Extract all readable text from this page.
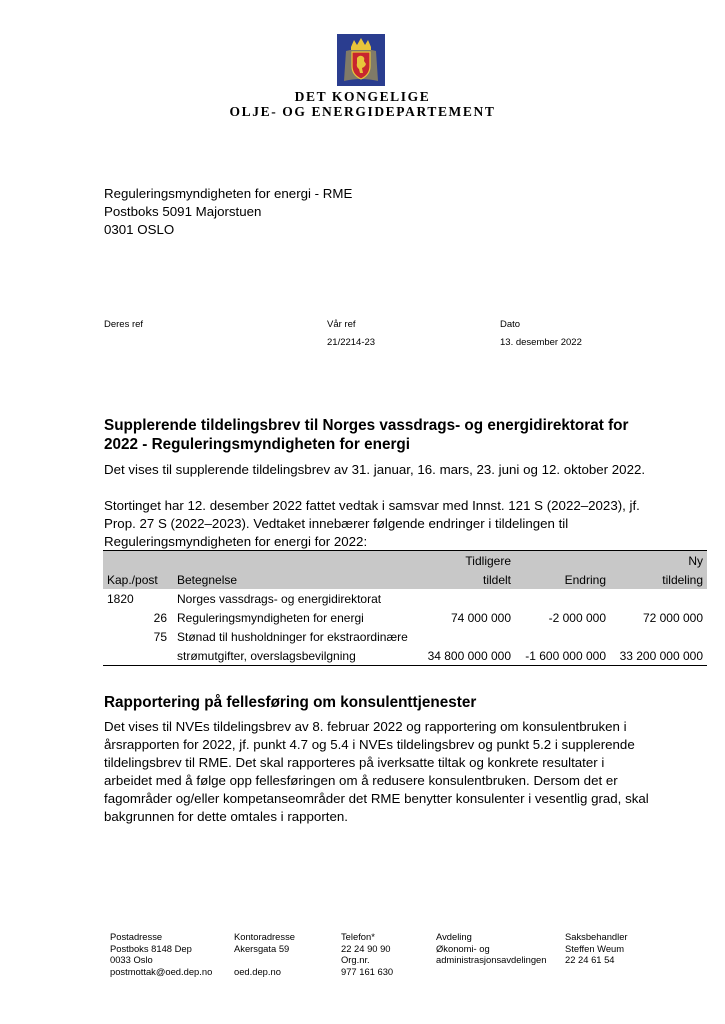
DET KONGELIGE
OLJE- OG ENERGIDEPARTEMENT
Reguleringsmyndigheten for energi - RME
Postboks 5091 Majorstuen
0301 OSLO
Deres ref	Vår ref
21/2214-23
Dato
13. desember 2022
Supplerende tildelingsbrev til Norges vassdrags- og energidirektorat for 2022 - Reguleringsmyndigheten for energi
Det vises til supplerende tildelingsbrev av 31. januar, 16. mars, 23. juni og 12. oktober 2022.
Stortinget har 12. desember 2022 fattet vedtak i samsvar med Innst. 121 S (2022–2023), jf.
Prop. 27 S (2022–2023). Vedtaket innebærer følgende endringer i tildelingen til
Reguleringsmyndigheten for energi for 2022:
		Tidligere		Ny
Kap./post	Betegnelse	tildelt	Endring	tildeling
1820	Norges vassdrags- og energidirektorat			
26	Reguleringsmyndigheten for energi	74 000 000	-2 000 000	72 000 000
75	Stønad til husholdninger for ekstraordinære			
	strømutgifter, overslagsbevilgning	34 800 000 000	-1 600 000 000	33 200 000 000
Rapportering på fellesføring om konsulenttjenester
Det vises til NVEs tildelingsbrev av 8. februar 2022 og rapportering om konsulentbruken i
årsrapporten for 2022, jf. punkt 4.7 og 5.4 i NVEs tildelingsbrev og punkt 5.2 i supplerende
tildelingsbrev til RME. Det skal rapporteres på iverksatte tiltak og konkrete resultater i
arbeidet med å følge opp fellesføringen om å redusere konsulentbruken. Dersom det er
fagområder og/eller kompetanseområder det RME benytter konsulenter i vesentlig grad, skal
bakgrunnen for dette omtales i rapporten.
Postadresse
Postboks 8148 Dep
0033 Oslo
postmottak@oed.dep.no
Kontoradresse
Akersgata 59
oed.dep.no
Telefon*
22 24 90 90
Org.nr.
977 161 630
Avdeling
Økonomi- og
administrasjonsavdelingen
Saksbehandler
Steffen Weum
22 24 61 54
